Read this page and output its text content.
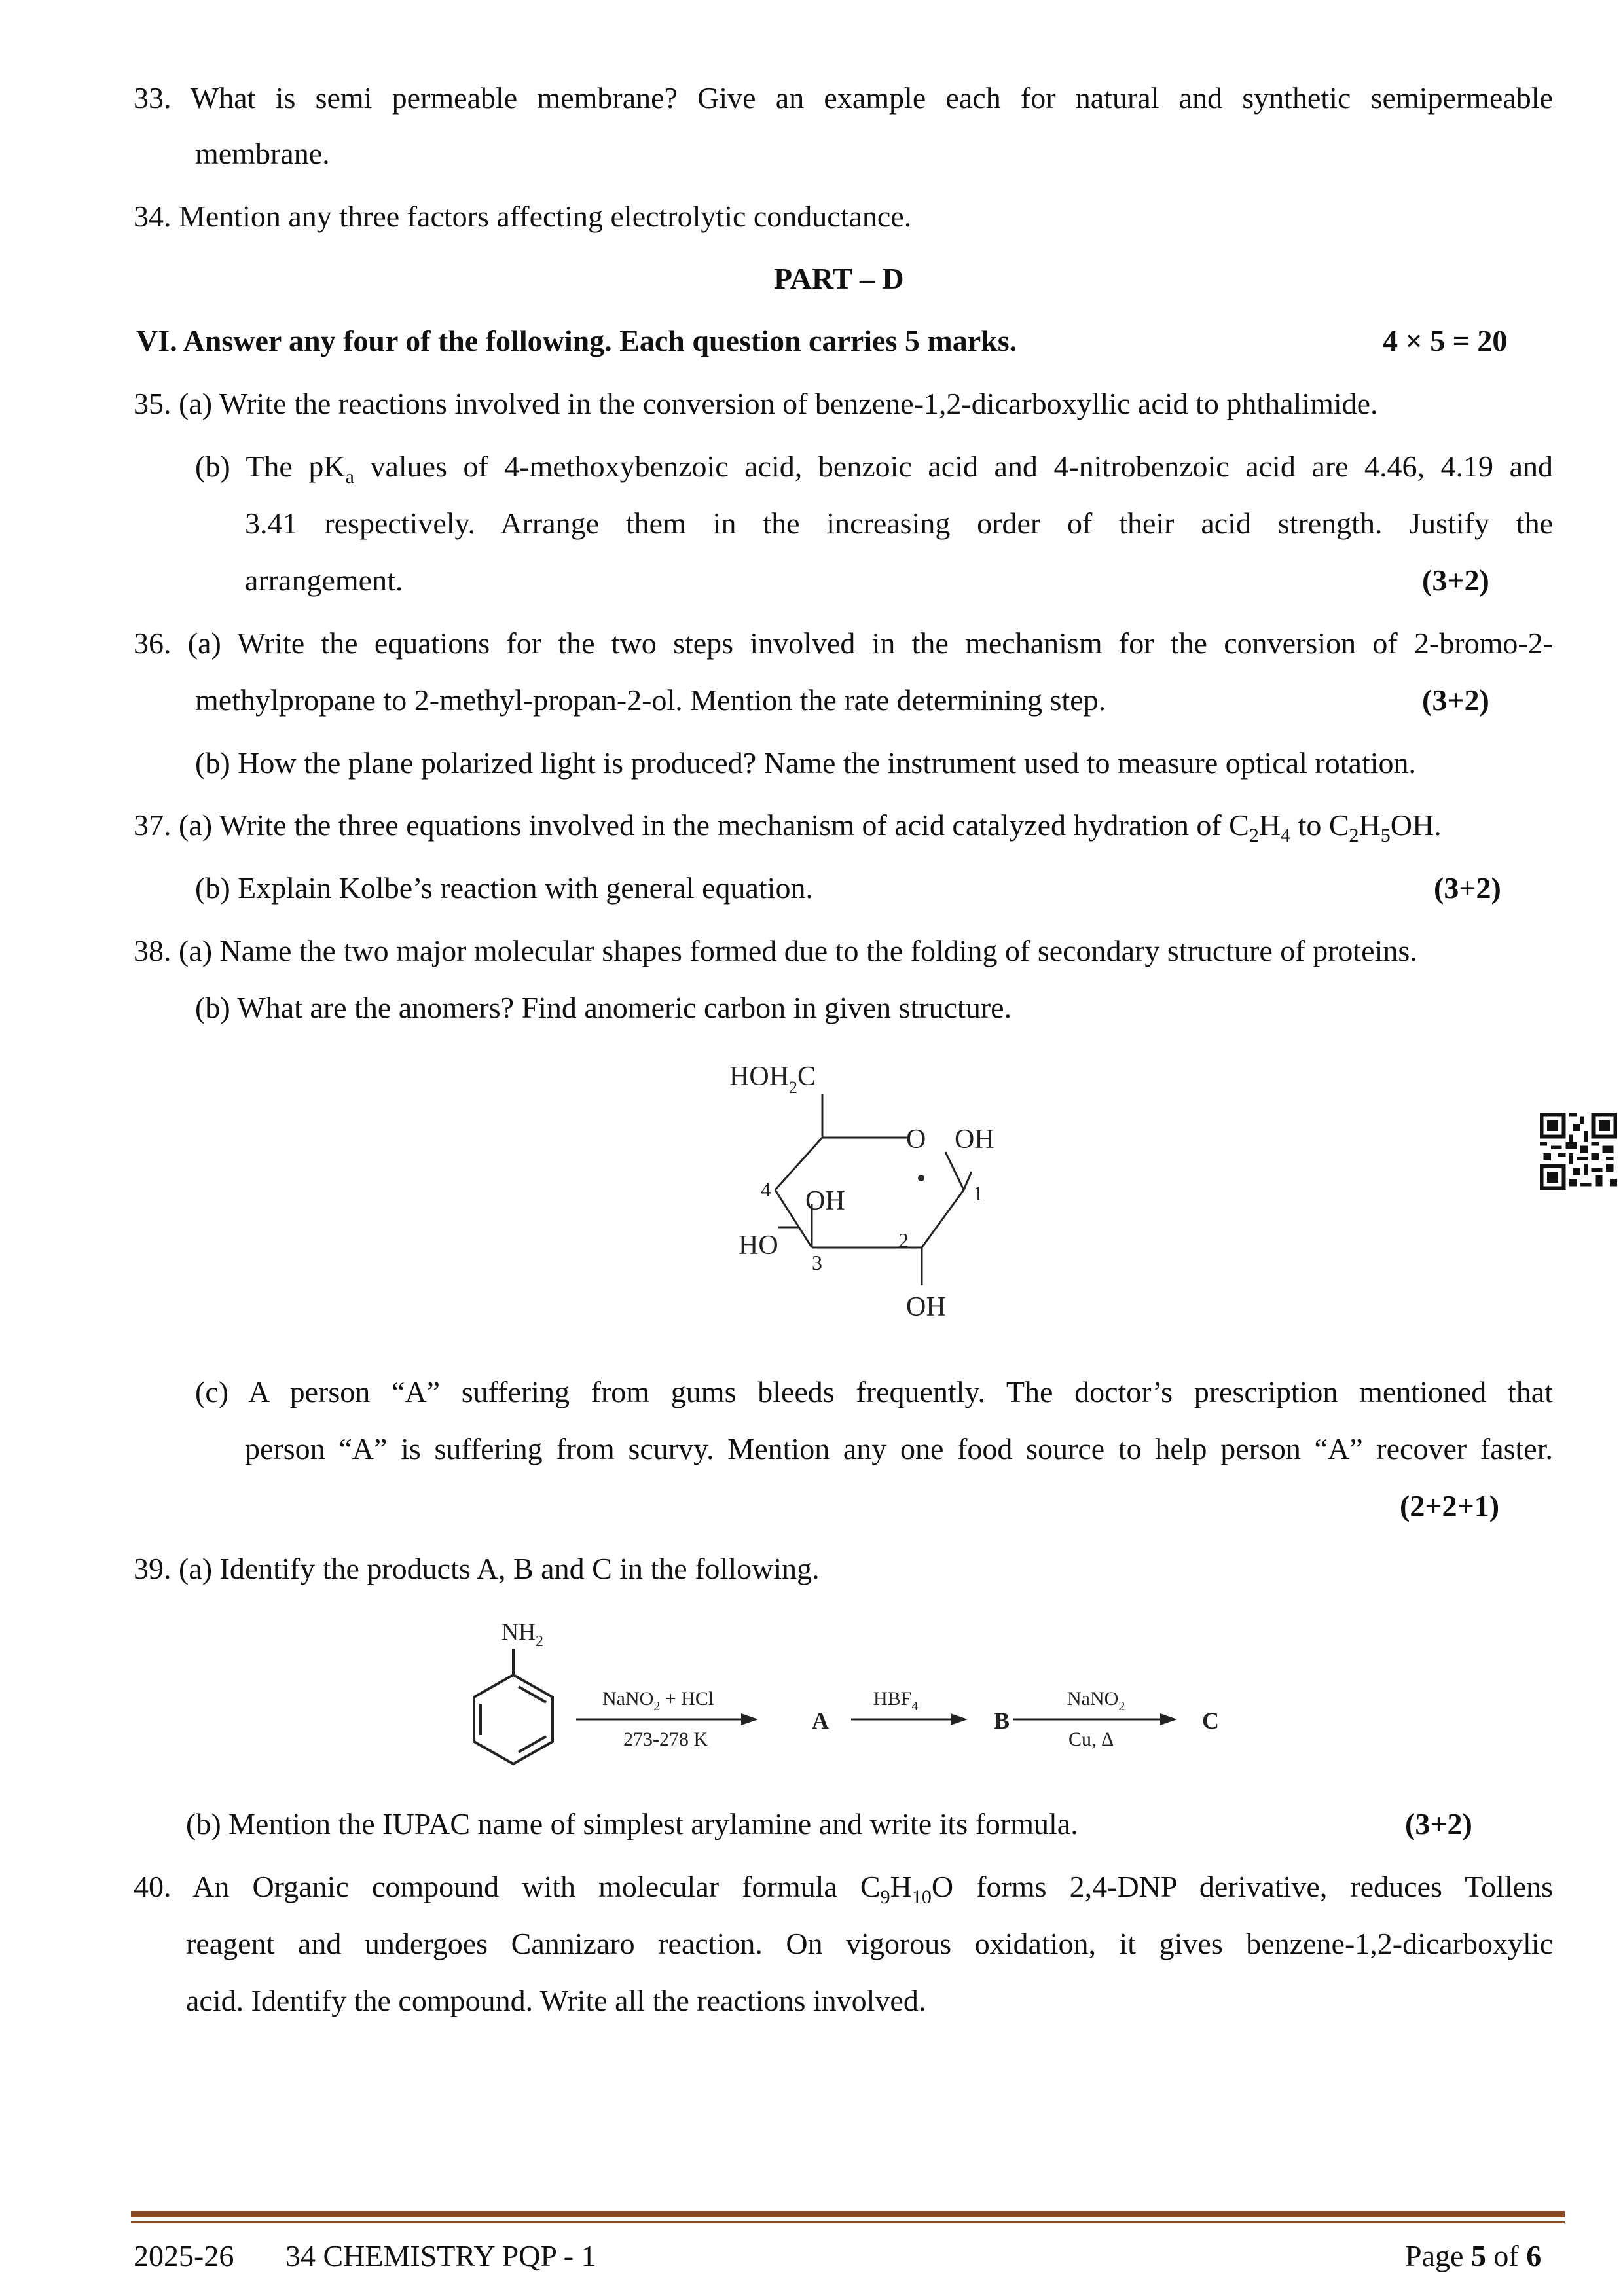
33. What is semi permeable membrane? Give an example each for natural and synthetic semipermeable
membrane.
34. Mention any three factors affecting electrolytic conductance.
PART – D
VI. Answer any four of the following. Each question carries 5 marks.	4 × 5 = 20
35. (a) Write the reactions involved in the conversion of benzene-1,2-dicarboxyllic acid to phthalimide.
(b) The $pK_a$ values of 4-methoxybenzoic acid, benzoic acid and 4-nitrobenzoic acid are 4.46, 4.19 and
3.41 respectively. Arrange them in the increasing order of their acid strength. Justify the
arrangement.	(3+2)
36. (a) Write the equations for the two steps involved in the mechanism for the conversion of 2-bromo-2-
methylpropane to 2-methyl-propan-2-ol. Mention the rate determining step.	(3+2)
(b) How the plane polarized light is produced? Name the instrument used to measure optical rotation.
37. (a) Write the three equations involved in the mechanism of acid catalyzed hydration of $C_2H_4$ to $C_2H_5OH$.
(b) Explain Kolbe’s reaction with general equation.	(3+2)
38. (a) Name the two major molecular shapes formed due to the folding of secondary structure of proteins.
(b) What are the anomers? Find anomeric carbon in given structure.
$HOH_2C$
O OH
1
4 OH
HO	2
3
OH
(c) A person “A” suffering from gums bleeds frequently. The doctor’s prescription mentioned that
person “A” is suffering from scurvy. Mention any one food source to help person “A” recover faster.
(2+2+1)
39. (a) Identify the products A, B and C in the following.
$NH_2$
NaNO$_2$ + HCl
273-278 K
A
$HBF_4$
B
NaNO$_2$
Cu, Δ
C
(b) Mention the IUPAC name of simplest arylamine and write its formula.	(3+2)
40. An Organic compound with molecular formula $C_9H_{10}O$ forms 2,4-DNP derivative, reduces Tollens
reagent and undergoes Cannizaro reaction. On vigorous oxidation, it gives benzene-1,2-dicarboxylic
acid. Identify the compound. Write all the reactions involved.
2025-26 34 CHEMISTRY PQP - 1	Page 5 of 6
